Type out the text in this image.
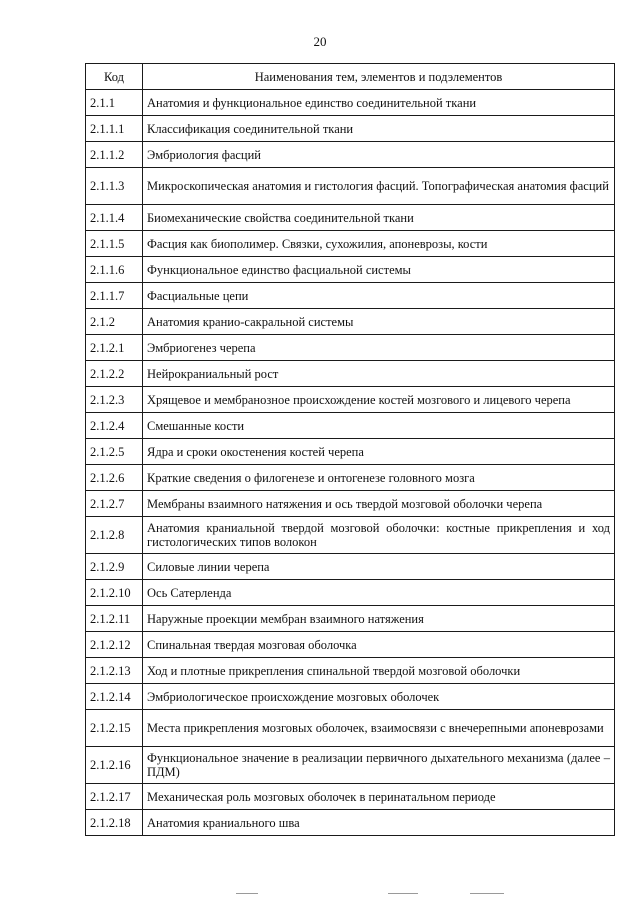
20
Код	Наименования тем, элементов и подэлементов
2.1.1	Анатомия и функциональное единство соединительной ткани
2.1.1.1	Классификация соединительной ткани
2.1.1.2	Эмбриология фасций
2.1.1.3	Микроскопическая анатомия и гистология фасций. Топографическая анатомия фасций
2.1.1.4	Биомеханические свойства соединительной ткани
2.1.1.5	Фасция как биополимер. Связки, сухожилия, апоневрозы, кости
2.1.1.6	Функциональное единство фасциальной системы
2.1.1.7	Фасциальные цепи
2.1.2	Анатомия кранио-сакральной системы
2.1.2.1	Эмбриогенез черепа
2.1.2.2	Нейрокраниальный рост
2.1.2.3	Хрящевое и мембранозное происхождение костей мозгового и лицевого черепа
2.1.2.4	Смешанные кости
2.1.2.5	Ядра и сроки окостенения костей черепа
2.1.2.6	Краткие сведения о филогенезе и онтогенезе головного мозга
2.1.2.7	Мембраны взаимного натяжения и ось твердой мозговой оболочки черепа
2.1.2.8	Анатомия краниальной твердой мозговой оболочки: костные прикрепления и ход гистологических типов волокон
2.1.2.9	Силовые линии черепа
2.1.2.10	Ось Сатерленда
2.1.2.11	Наружные проекции мембран взаимного натяжения
2.1.2.12	Спинальная твердая мозговая оболочка
2.1.2.13	Ход и плотные прикрепления спинальной твердой мозговой оболочки
2.1.2.14	Эмбриологическое происхождение мозговых оболочек
2.1.2.15	Места прикрепления мозговых оболочек, взаимосвязи с внечерепными апоневрозами
2.1.2.16	Функциональное значение в реализации первичного дыхательного механизма (далее – ПДМ)
2.1.2.17	Механическая роль мозговых оболочек в перинатальном периоде
2.1.2.18	Анатомия краниального шва
